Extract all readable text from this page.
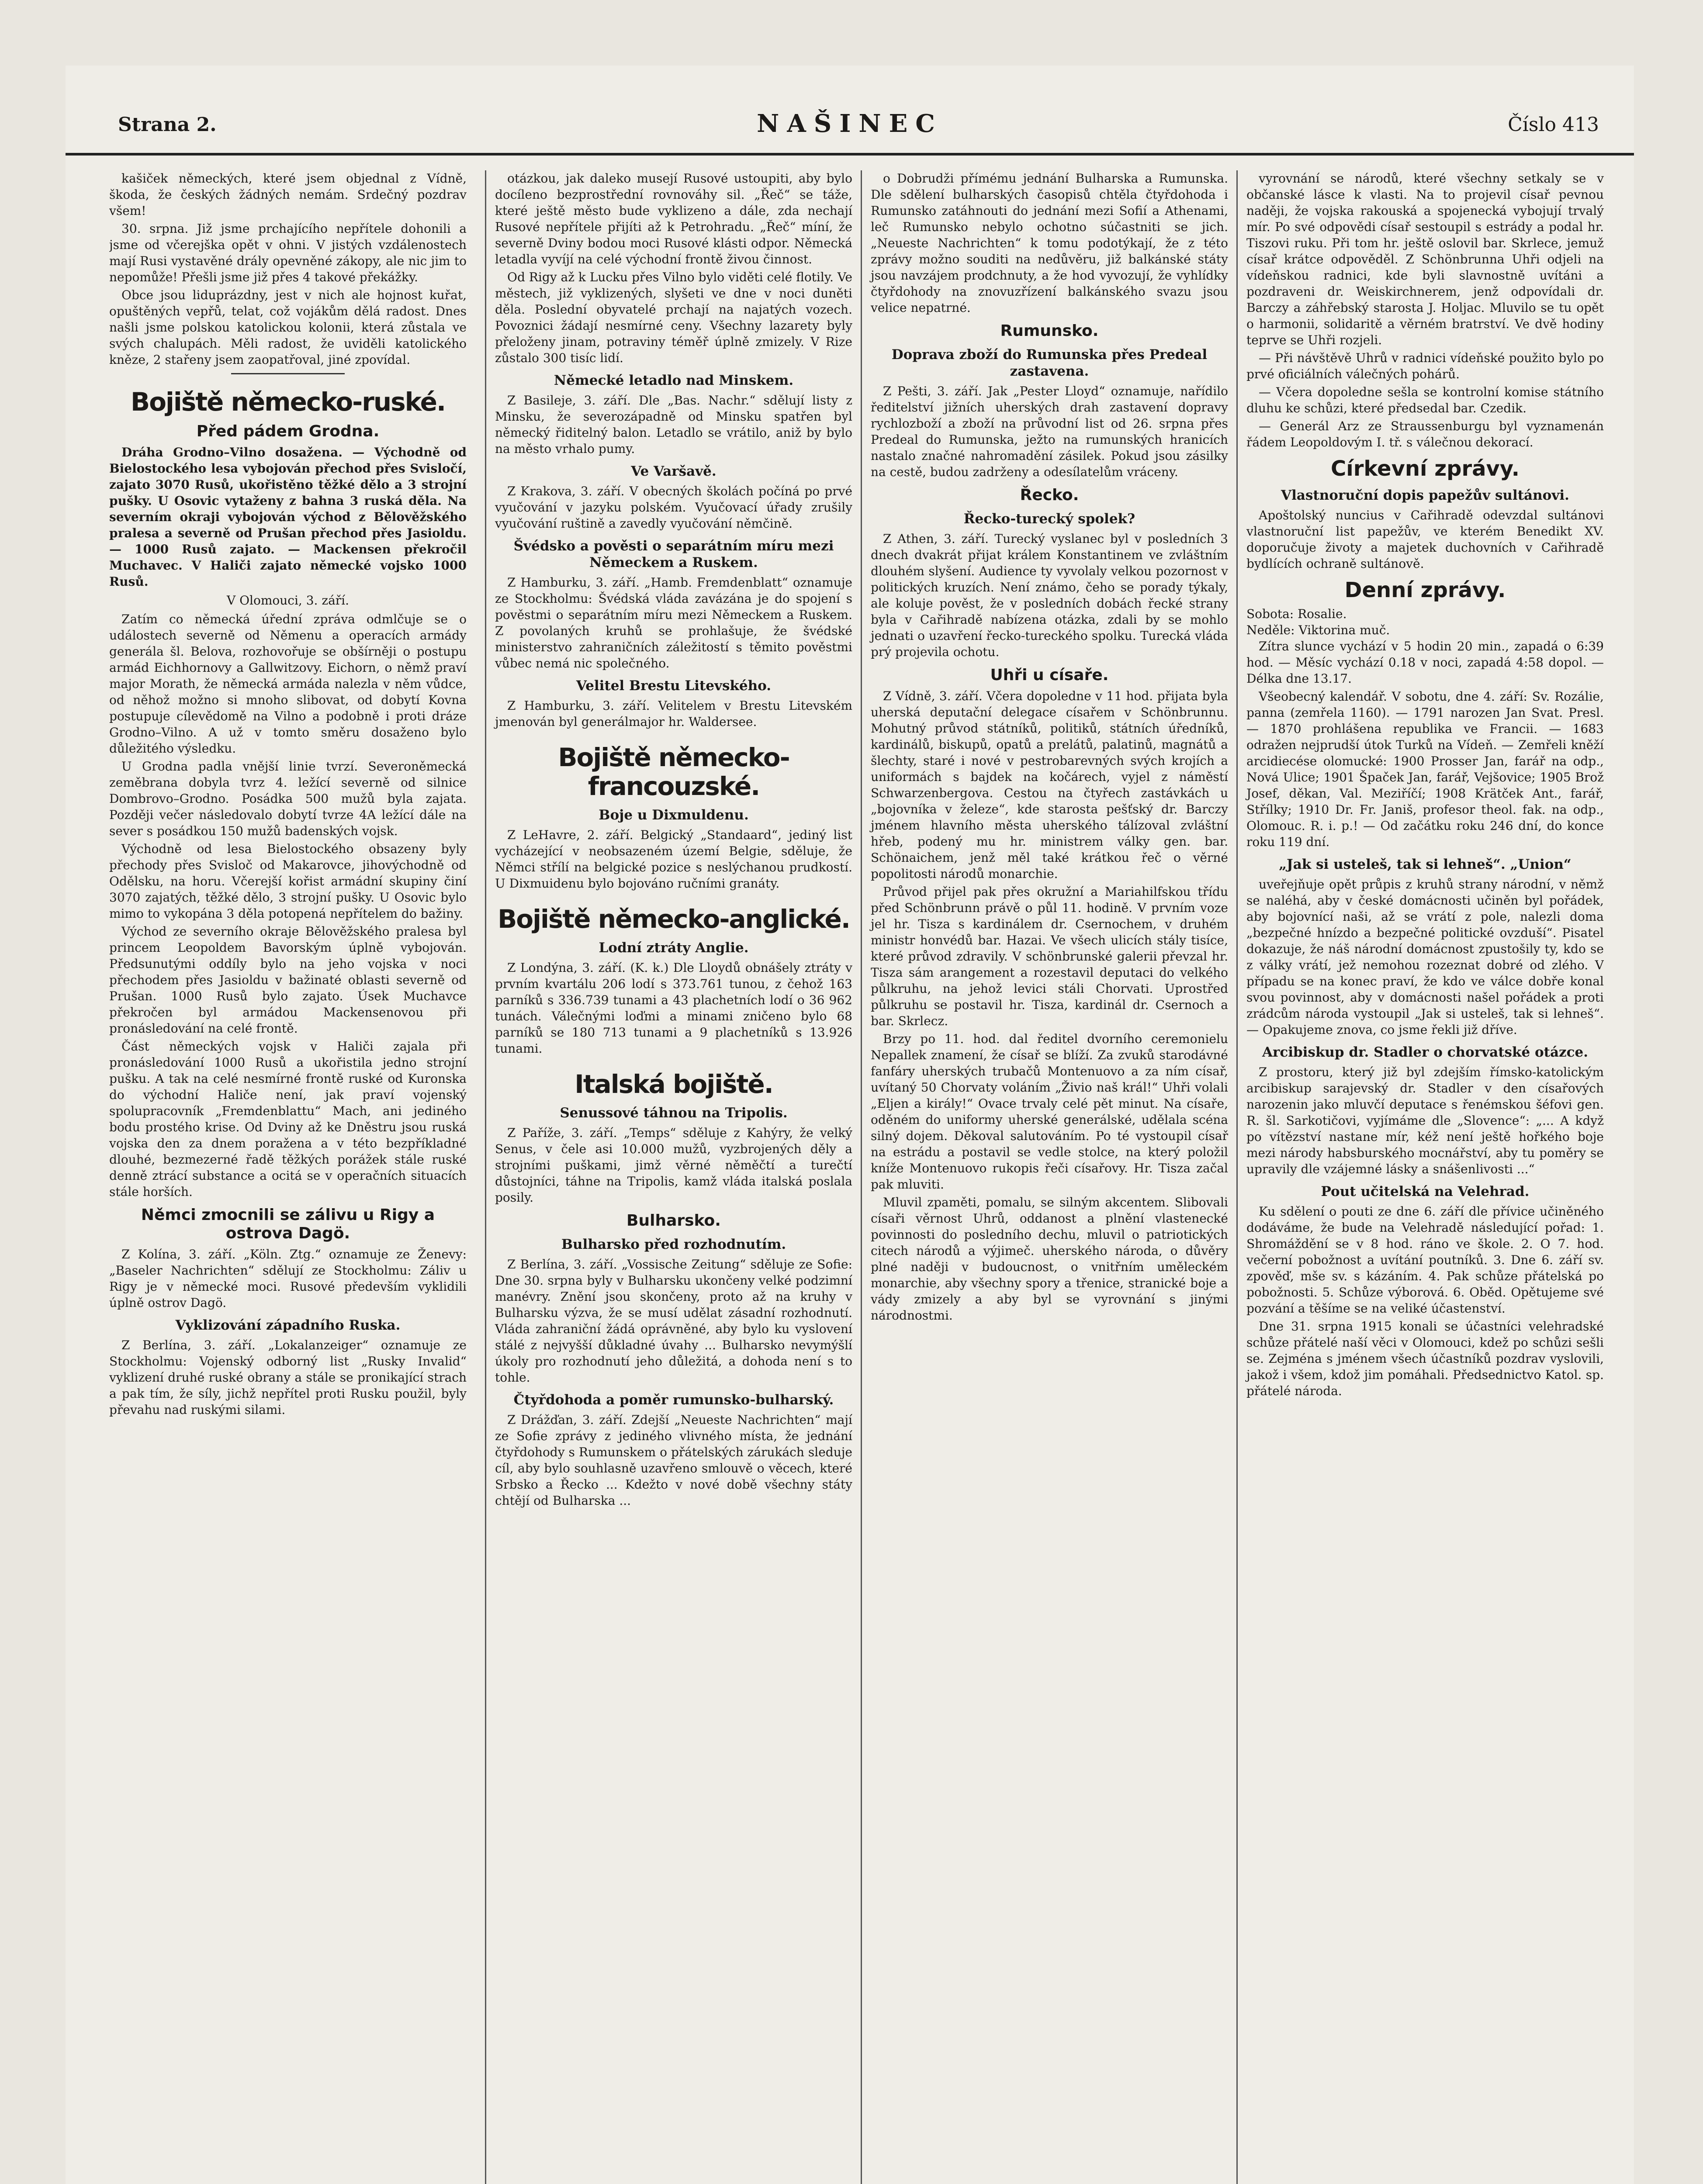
Strana 2.	NAŠINEC	Číslo 413

kašiček německých, které jsem objednal z Vídně, škoda, že českých žádných nemám. Srdečný pozdrav všem!

30. srpna. Již jsme prchajícího nepřítele dohonili a jsme od včerejška opět v ohni. V jistých vzdálenostech mají Rusi vystavěné drály opevněné zákopy, ale nic jim to nepomůže! Přešli jsme již přes 4 takové překážky.

Obce jsou liduprázdny, jest v nich ale hojnost kuřat, opuštěných vepřů, telat, což vojákům dělá radost. Dnes našli jsme polskou katolickou kolonii, která zůstala ve svých chalupách. Měli radost, že uviděli katolického kněze, 2 stařeny jsem zaopatřoval, jiné zpovídal.

Bojiště německo-ruské.
Před pádem Grodna.

Dráha Grodno–Vilno dosažena. — Východně od Bielostockého lesa vybojován přechod přes Svisločí, zajato 3070 Rusů, ukořistěno těžké dělo a 3 strojní pušky. U Osovic vytaženy z bahna 3 ruská děla. Na severním okraji vybojován východ z Bělověžského pralesa a severně od Prušan přechod přes Jasioldu. — 1000 Rusů zajato. — Mackensen překročil Muchavec. V Haliči zajato německé vojsko 1000 Rusů.

V Olomouci, 3. září.

Zatím co německá úřední zpráva odmlčuje se o událostech severně od Němenu a operacích armády generála šl. Belova, rozhovořuje se obšírněji o postupu armád Eichhornovy a Gallwitzovy. Eichorn, o němž praví major Morath, že německá armáda nalezla v něm vůdce, od něhož možno si mnoho slibovat, od dobytí Kovna postupuje cílevědomě na Vilno a podobně i proti dráze Grodno–Vilno. A už v tomto směru dosaženo bylo důležitého výsledku.

U Grodna padla vnější linie tvrzí. Severoněmecká zeměbrana dobyla tvrz 4. ležící severně od silnice Dombrovo–Grodno. Posádka 500 mužů byla zajata. Později večer následovalo dobytí tvrze 4A ležící dále na sever s posádkou 150 mužů badenských vojsk.

Východně od lesa Bielostockého obsazeny byly přechody přes Svisloč od Makarovce, jihovýchodně od Odělsku, na horu. Včerejší kořist armádní skupiny činí 3070 zajatých, těžké dělo, 3 strojní pušky. U Osovic bylo mimo to vykopána 3 děla potopená nepřítelem do bažiny.

Východ ze severního okraje Bělověžského pralesa byl princem Leopoldem Bavorským úplně vybojován. Předsunutými oddíly bylo na jeho vojska v noci přechodem přes Jasioldu v bažinaté oblasti severně od Prušan. 1000 Rusů bylo zajato. Úsek Muchavce překročen byl armádou Mackensenovou při pronásledování na celé frontě.

Část německých vojsk v Haliči zajala při pronásledování 1000 Rusů a ukořistila jedno strojní pušku. A tak na celé nesmírné frontě ruské od Kuronska do východní Haliče není, jak praví vojenský spolupracovník „Fremdenblattu“ Mach, ani jediného bodu prostého krise. Od Dviny až ke Dněstru jsou ruská vojska den za dnem poražena a v této bezpříkladné dlouhé, bezmezerné řadě těžkých porážek stále ruské denně ztrácí substance a ocitá se v operačních situacích stále horších.

Němci zmocnili se zálivu u Rigy a ostrova Dagö.

Z Kolína, 3. září. „Köln. Ztg.“ oznamuje ze Ženevy: „Baseler Nachrichten“ sdělují ze Stockholmu: Záliv u Rigy je v německé moci. Rusové především vyklidili úplně ostrov Dagö.

Vyklizování západního Ruska.

Z Berlína, 3. září. „Lokalanzeiger“ oznamuje ze Stockholmu: Vojenský odborný list „Rusky Invalid“ vyklizení druhé ruské obrany a stále se pronikající strach a pak tím, že síly, jichž nepřítel proti Rusku použil, byly převahu nad ruskými silami.

otázkou, jak daleko musejí Rusové ustoupiti, aby bylo docíleno bezprostřední rovnováhy sil. „Řeč“ se táže, které ještě město bude vyklizeno a dále, zda nechají Rusové nepřítele přijíti až k Petrohradu. „Řeč“ míní, že severně Dviny bodou moci Rusové klásti odpor. Německá letadla vyvíjí na celé východní frontě živou činnost.

Od Rigy až k Lucku přes Vilno bylo viděti celé flotily. Ve městech, již vyklizených, slyšeti ve dne v noci duněti děla. Poslední obyvatelé prchají na najatých vozech. Povoznici žádají nesmírné ceny. Všechny lazarety byly přeloženy jinam, potraviny téměř úplně zmizely. V Rize zůstalo 300 tisíc lidí.

Německé letadlo nad Minskem.

Z Basileje, 3. září. Dle „Bas. Nachr.“ sdělují listy z Minsku, že severozápadně od Minsku spatřen byl německý řiditelný balon. Letadlo se vrátilo, aniž by bylo na město vrhalo pumy.

Ve Varšavě.

Z Krakova, 3. září. V obecných školách počíná po prvé vyučování v jazyku polském. Vyučovací úřady zrušily vyučování ruštině a zavedly vyučování němčině.

Švédsko a pověsti o separátním míru mezi Německem a Ruskem.

Z Hamburku, 3. září. „Hamb. Fremdenblatt“ oznamuje ze Stockholmu: Švédská vláda zavázána je do spojení s pověstmi o separátním míru mezi Německem a Ruskem. Z povolaných kruhů se prohlašuje, že švédské ministerstvo zahraničních záležitostí s těmito pověstmi vůbec nemá nic společného.

Velitel Brestu Litevského.

Z Hamburku, 3. září. Velitelem v Brestu Litevském jmenován byl generálmajor hr. Waldersee.

Bojiště německo-francouzské.
Boje u Dixmuldenu.

Z LeHavre, 2. září. Belgický „Standaard“, jediný list vycházející v neobsazeném území Belgie, sděluje, že Němci střílí na belgické pozice s neslýchanou prudkostí. U Dixmuidenu bylo bojováno ručními granáty.

Bojiště německo-anglické.
Lodní ztráty Anglie.

Z Londýna, 3. září. (K. k.) Dle Lloydů obnášely ztráty v prvním kvartálu 206 lodí s 373.761 tunou, z čehož 163 parníků s 336.739 tunami a 43 plachetních lodí o 36 962 tunách. Válečnými loďmi a minami zničeno bylo 68 parníků se 180 713 tunami a 9 plachetníků s 13.926 tunami.

Italská bojiště.
Senussové táhnou na Tripolis.

Z Paříže, 3. září. „Temps“ sděluje z Kahýry, že velký Senus, v čele asi 10.000 mužů, vyzbrojených děly a strojními puškami, jimž věrné něměčtí a turečtí důstojníci, táhne na Tripolis, kamž vláda italská poslala posily.

Bulharsko.
Bulharsko před rozhodnutím.

Z Berlína, 3. září. „Vossische Zeitung“ sděluje ze Sofie: Dne 30. srpna byly v Bulharsku ukončeny velké podzimní manévry. Znění jsou skončeny, proto až na kruhy v Bulharsku výzva, že se musí udělat zásadní rozhodnutí. Vláda zahraniční žádá oprávněné, aby bylo ku vyslovení stálé z nejvyšší důkladné úvahy ... Bulharsko nevymýšlí úkoly pro rozhodnutí jeho důležitá, a dohoda není s to tohle.

Čtyřdohoda a poměr rumunsko-bulharský.

Z Drážďan, 3. září. Zdejší „Neueste Nachrichten“ mají ze Sofie zprávy z jediného vlivného místa, že jednání čtyřdohody s Rumunskem o přátelských zárukách sleduje cíl, aby bylo souhlasně uzavřeno smlouvě o věcech, které Srbsko a Řecko ... Kdežto v nové době všechny státy chtějí od Bulharska ...

o Dobrudži přímému jednání Bulharska a Rumunska. Dle sdělení bulharských časopisů chtěla čtyřdohoda i Rumunsko zatáhnouti do jednání mezi Sofií a Athenami, leč Rumunsko nebylo ochotno súčastniti se jich. „Neueste Nachrichten“ k tomu podotýkají, že z této zprávy možno souditi na nedůvěru, již balkánské státy jsou navzájem prodchnuty, a že hod vyvozují, že vyhlídky čtyřdohody na znovuzřízení balkánského svazu jsou velice nepatrné.

Rumunsko.
Doprava zboží do Rumunska přes Predeal zastavena.

Z Pešti, 3. září. Jak „Pester Lloyd“ oznamuje, nařídilo ředitelství jižních uherských drah zastavení dopravy rychlozboží a zboží na průvodní list od 26. srpna přes Predeal do Rumunska, ježto na rumunských hranicích nastalo značné nahromadění zásilek. Pokud jsou zásilky na cestě, budou zadrženy a odesílatelům vráceny.

Řecko.
Řecko-turecký spolek?

Z Athen, 3. září. Turecký vyslanec byl v posledních 3 dnech dvakrát přijat králem Konstantinem ve zvláštním dlouhém slyšení. Audience ty vyvolaly velkou pozornost v politických kruzích. Není známo, čeho se porady týkaly, ale koluje pověst, že v posledních dobách řecké strany byla v Cařihradě nabízena otázka, zdali by se mohlo jednati o uzavření řecko-tureckého spolku. Turecká vláda prý projevila ochotu.

Uhři u císaře.

Z Vídně, 3. září. Včera dopoledne v 11 hod. přijata byla uherská deputační delegace císařem v Schönbrunnu. Mohutný průvod státníků, politiků, státních úředníků, kardinálů, biskupů, opatů a prelátů, palatinů, magnátů a šlechty, staré i nové v pestrobarevných svých krojích a uniformách s bajdek na kočárech, vyjel z náměstí Schwarzenbergova. Cestou na čtyřech zastávkách u „bojovníka v železe“, kde starosta pešťský dr. Barczy jménem hlavního města uherského tálízoval zvláštní hřeb, podený mu hr. ministrem války gen. bar. Schönaichem, jenž měl také krátkou řeč o věrné popolitosti národů monarchie.

Průvod přijel pak přes okružní a Mariahilfskou třídu před Schönbrunn právě o půl 11. hodině. V prvním voze jel hr. Tisza s kardinálem dr. Csernochem, v druhém ministr honvédů bar. Hazai. Ve všech ulicích stály tisíce, které průvod zdravily. V schönbrunské galerii převzal hr. Tisza sám arangement a rozestavil deputaci do velkého půlkruhu, na jehož levici stáli Chorvati. Uprostřed půlkruhu se postavil hr. Tisza, kardinál dr. Csernoch a bar. Skrlecz.

Brzy po 11. hod. dal ředitel dvorního ceremonielu Nepallek znamení, že císař se blíží. Za zvuků starodávné fanfáry uherských trubačů Montenuovo a za ním císař, uvítaný 50 Chorvaty voláním „Živio naš král!“ Uhři volali „Eljen a király!“ Ovace trvaly celé pět minut. Na císaře, oděném do uniformy uherské generálské, udělala scéna silný dojem. Děkoval salutováním. Po té vystoupil císař na estrádu a postavil se vedle stolce, na který položil kníže Montenuovo rukopis řeči císařovy. Hr. Tisza začal pak mluviti.

Mluvil zpaměti, pomalu, se silným akcentem. Slibovali císaři věrnost Uhrů, oddanost a plnění vlastenecké povinnosti do posledního dechu, mluvil o patriotických citech národů a výjimeč. uherského národa, o důvěry plné naději v budoucnost, o vnitřním uměleckém monarchie, aby všechny spory a třenice, stranické boje a vády zmizely a aby byl se vyrovnání s jinými národnostmi.

vyrovnání se národů, které všechny setkaly se v občanské lásce k vlasti. Na to projevil císař pevnou naději, že vojska rakouská a spojenecká vybojují trvalý mír. Po své odpovědi císař sestoupil s estrády a podal hr. Tiszovi ruku. Při tom hr. ještě oslovil bar. Skrlece, jemuž císař krátce odpověděl. Z Schönbrunna Uhři odjeli na vídeňskou radnici, kde byli slavnostně uvítáni a pozdraveni dr. Weiskirchnerem, jenž odpovídali dr. Barczy a záhřebský starosta J. Holjac. Mluvilo se tu opět o harmonii, solidaritě a věrném bratrství. Ve dvě hodiny teprve se Uhři rozjeli.

— Při návštěvě Uhrů v radnici vídeňské použito bylo po prvé oficiálních válečných pohárů.

— Včera dopoledne sešla se kontrolní komise státního dluhu ke schůzi, které předsedal bar. Czedik.

— Generál Arz ze Straussenburgu byl vyznamenán řádem Leopoldovým I. tř. s válečnou dekorací.

Církevní zprávy.
Vlastnoruční dopis papežův sultánovi.

Apoštolský nuncius v Cařihradě odevzdal sultánovi vlastnoruční list papežův, ve kterém Benedikt XV. doporučuje životy a majetek duchovních v Cařihradě bydlících ochraně sultánově.

Denní zprávy.
Sobota: Rosalie.
Neděle: Viktorina muč.

Zítra slunce vychází v 5 hodin 20 min., zapadá o 6:39 hod. — Měsíc vychází 0.18 v noci, zapadá 4:58 dopol. — Délka dne 13.17.

Všeobecný kalendář. V sobotu, dne 4. září: Sv. Rozálie, panna (zemřela 1160). — 1791 narozen Jan Svat. Presl. — 1870 prohlášena republika ve Francii. — 1683 odražen nejprudší útok Turků na Vídeň. — Zemřeli kněží arcidiecése olomucké: 1900 Prosser Jan, farář na odp., Nová Ulice; 1901 Špaček Jan, farář, Vejšovice; 1905 Brož Josef, děkan, Val. Meziříčí; 1908 Krätček Ant., farář, Střílky; 1910 Dr. Fr. Janiš, profesor theol. fak. na odp., Olomouc. R. i. p.! — Od začátku roku 246 dní, do konce roku 119 dní.

„Jak si usteleš, tak si lehneš“. „Union“

uveřejňuje opět průpis z kruhů strany národní, v němž se naléhá, aby v české domácnosti učiněn byl pořádek, aby bojovnící naši, až se vrátí z pole, nalezli doma „bezpečné hnízdo a bezpečné politické ovzduší“. Pisatel dokazuje, že náš národní domácnost zpustošily ty, kdo se z války vrátí, jež nemohou rozeznat dobré od zlého. V případu se na konec praví, že kdo ve válce dobře konal svou povinnost, aby v domácnosti našel pořádek a proti zrádcům národa vystoupil „Jak si usteleš, tak si lehneš“. — Opakujeme znova, co jsme řekli již dříve.

Arcibiskup dr. Stadler o chorvatské otázce.

Z prostoru, který již byl zdejším římsko-katolickým arcibiskup sarajevský dr. Stadler v den císařových narozenin jako mluvčí deputace s řenémskou šéfovi gen. R. šl. Sarkotičovi, vyjímáme dle „Slovence“: „... A když po vítězství nastane mír, kéž není ještě hořkého boje mezi národy habsburského mocnářství, aby tu poměry se upravily dle vzájemné lásky a snášenlivosti ...“

Pout učitelská na Velehrad.

Ku sdělení o pouti ze dne 6. září dle přívice učiněného dodáváme, že bude na Velehradě následující pořad: 1. Shromáždění se v 8 hod. ráno ve škole. 2. O 7. hod. večerní pobožnost a uvítání poutníků. 3. Dne 6. září sv. zpověď, mše sv. s kázáním. 4. Pak schůze přátelská po pobožnosti. 5. Schůze výborová. 6. Oběd. Opětujeme své pozvání a těšíme se na veliké účastenství.

Dne 31. srpna 1915 konali se účastníci velehradské schůze přátelé naší věci v Olomouci, kdež po schůzi sešli se. Zejména s jménem všech účastníků pozdrav vyslovili, jakož i všem, kdož jim pomáhali. Předsednictvo Katol. sp. přátelé národa.
